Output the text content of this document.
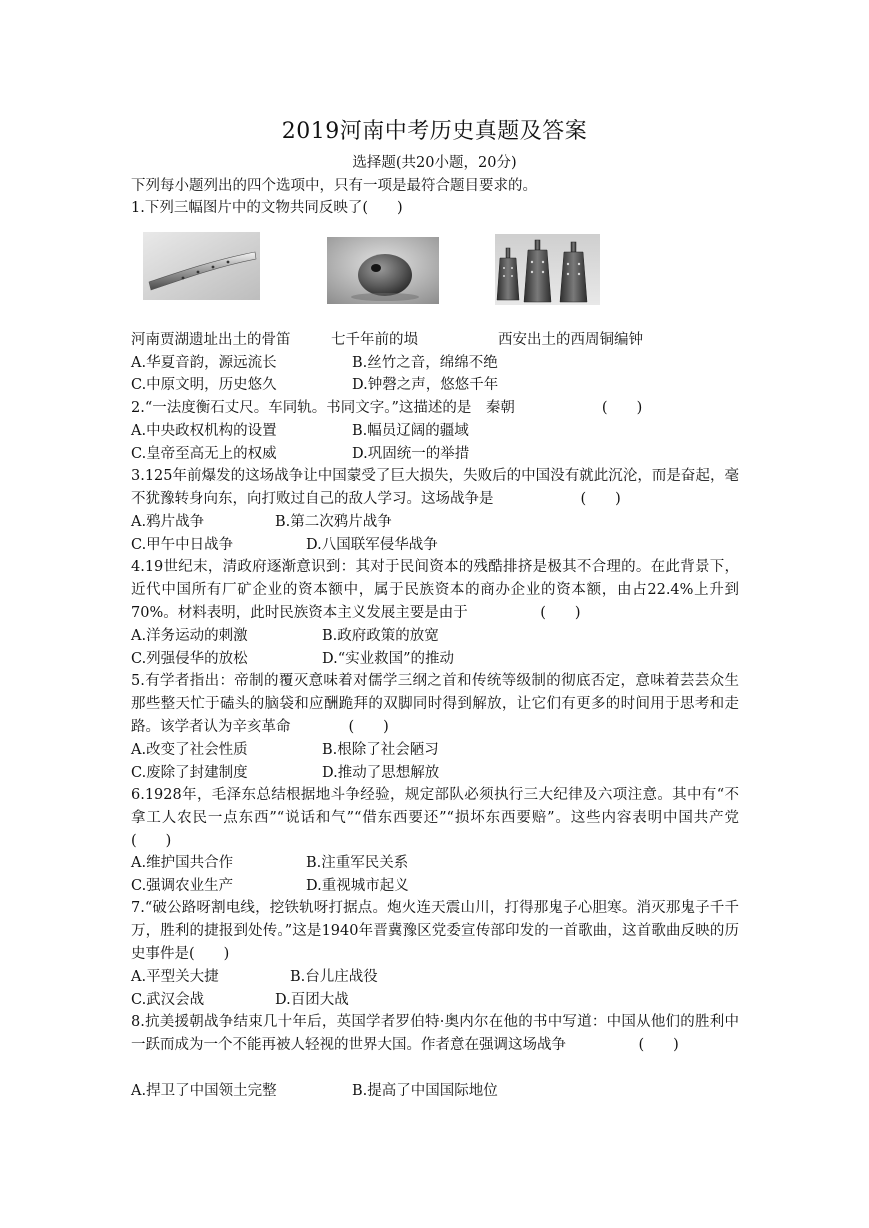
2019河南中考历史真题及答案
选择题(共20小题，20分)
下列每小题列出的四个选项中，只有一项是最符合题目要求的。
1.下列三幅图片中的文物共同反映了(　　)
河南贾湖遗址出土的骨笛	七千年前的埙	西安出土的西周铜编钟
A.华夏音韵，源远流长	B.丝竹之音，绵绵不绝
C.中原文明，历史悠久	D.钟磬之声，悠悠千年
2.“一法度衡石丈尺。车同轨。书同文字。”这描述的是　秦朝　　　　　　(　　)
A.中央政权机构的设置	B.幅员辽阔的疆域
C.皇帝至高无上的权威	D.巩固统一的举措
3.125年前爆发的这场战争让中国蒙受了巨大损失，失败后的中国没有就此沉沦，而是奋起，毫不犹豫转身向东，向打败过自己的敌人学习。这场战争是　　　　　　(　　)
A.鸦片战争	B.第二次鸦片战争
C.甲午中日战争	D.八国联军侵华战争
4.19世纪末，清政府逐渐意识到：其对于民间资本的残酷排挤是极其不合理的。在此背景下，近代中国所有厂矿企业的资本额中，属于民族资本的商办企业的资本额，由占22.4%上升到70%。材料表明，此时民族资本主义发展主要是由于　　　　　(　　)
A.洋务运动的刺激	B.政府政策的放宽
C.列强侵华的放松	D.“实业救国”的推动
5.有学者指出：帝制的覆灭意味着对儒学三纲之首和传统等级制的彻底否定，意味着芸芸众生那些整天忙于磕头的脑袋和应酬跪拜的双脚同时得到解放，让它们有更多的时间用于思考和走路。该学者认为辛亥革命　　　　(　　)
A.改变了社会性质	B.根除了社会陋习
C.废除了封建制度	D.推动了思想解放
6.1928年，毛泽东总结根据地斗争经验，规定部队必须执行三大纪律及六项注意。其中有“不拿工人农民一点东西”“说话和气”“借东西要还”“损坏东西要赔”。这些内容表明中国共产党　(　　)
A.维护国共合作	B.注重军民关系
C.强调农业生产	D.重视城市起义
7.“破公路呀割电线，挖铁轨呀打据点。炮火连天震山川，打得那鬼子心胆寒。消灭那鬼子千千万，胜利的捷报到处传。”这是1940年晋冀豫区党委宣传部印发的一首歌曲，这首歌曲反映的历史事件是(　　)
A.平型关大捷	B.台儿庄战役
C.武汉会战	D.百团大战
8.抗美援朝战争结束几十年后，英国学者罗伯特·奥内尔在他的书中写道：中国从他们的胜利中一跃而成为一个不能再被人轻视的世界大国。作者意在强调这场战争　　　　　(　　)
A.捍卫了中国领土完整	B.提高了中国国际地位
